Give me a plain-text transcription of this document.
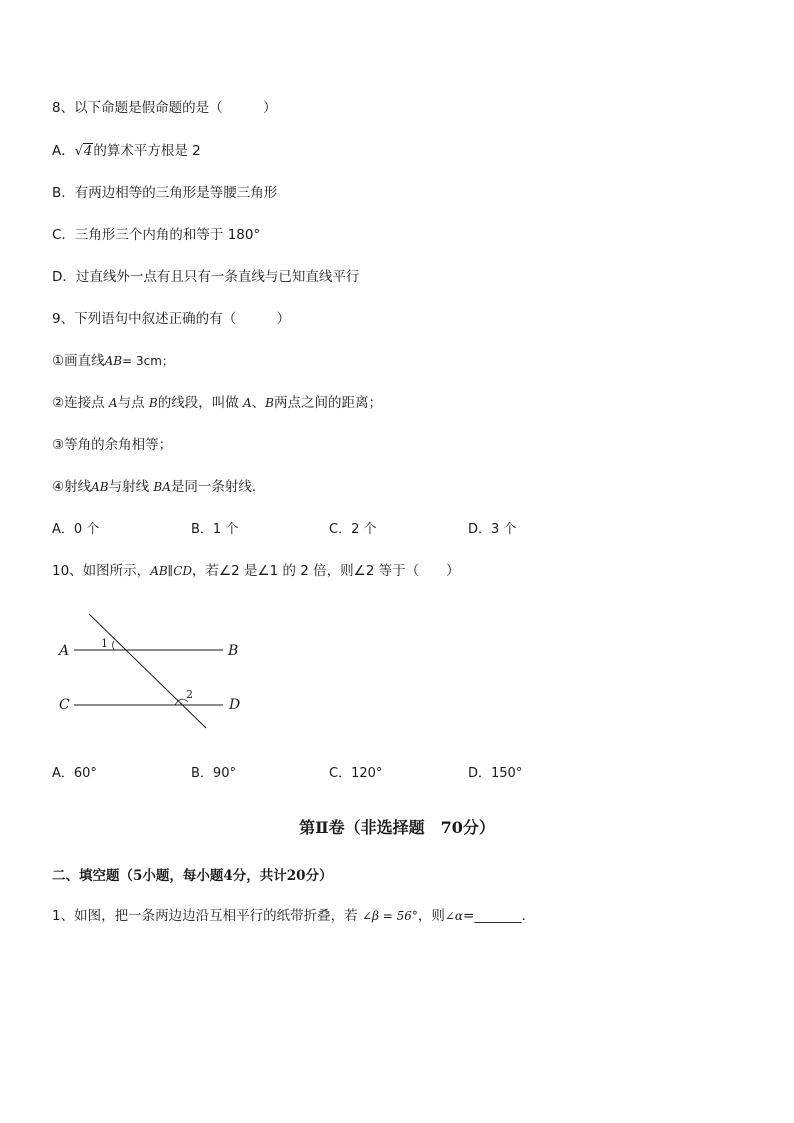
8、以下命题是假命题的是（　　　）
A．√4的算术平方根是 2
B．有两边相等的三角形是等腰三角形
C．三角形三个内角的和等于 180°
D．过直线外一点有且只有一条直线与已知直线平行
9、下列语句中叙述正确的有（　　　）
①画直线AB= 3cm；
②连接点 A与点 B的线段，叫做 A、B两点之间的距离；
③等角的余角相等；
④射线AB与射线 BA是同一条射线．
A．0 个	B．1 个	C．2 个	D．3 个
10、如图所示，AB∥CD，若∠2 是∠1 的 2 倍，则∠2 等于（　　）
A	B
C	D
1
2
A．60°	B．90°	C．120°	D．150°
第Ⅱ卷（非选择题　70分）
二、填空题（5小题，每小题4分，共计20分）
1、如图，把一条两边边沿互相平行的纸带折叠，若 ∠β = 56°，则∠α=_______．
